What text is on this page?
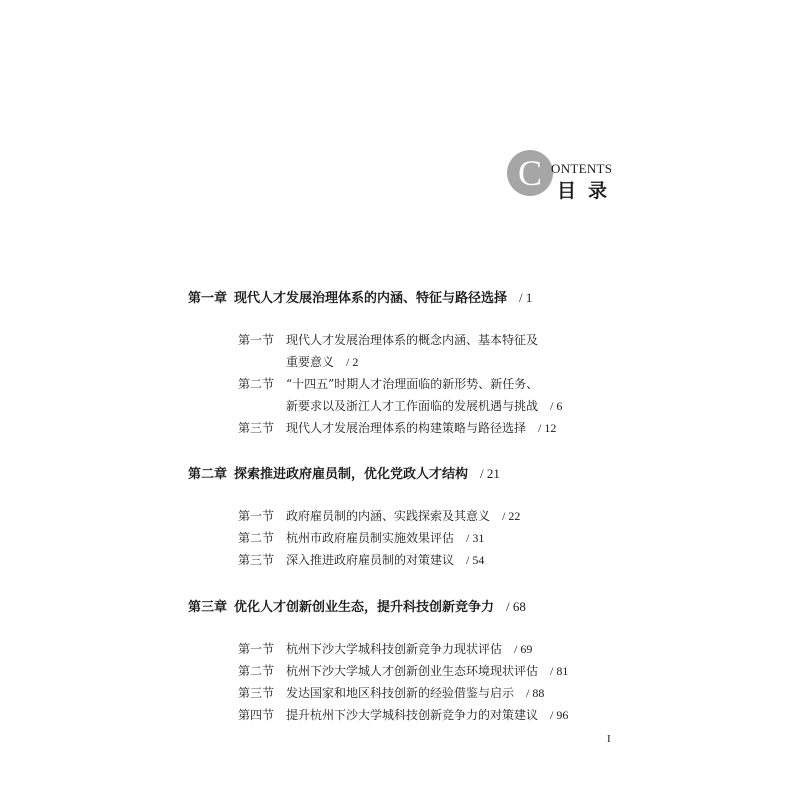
C ONTENTS
目录
第一章 现代人才发展治理体系的内涵、特征与路径选择 / 1
第一节 现代人才发展治理体系的概念内涵、基本特征及
重要意义 / 2
第二节 “十四五”时期人才治理面临的新形势、新任务、
新要求以及浙江人才工作面临的发展机遇与挑战 / 6
第三节 现代人才发展治理体系的构建策略与路径选择 / 12
第二章 探索推进政府雇员制，优化党政人才结构 / 21
第一节 政府雇员制的内涵、实践探索及其意义 / 22
第二节 杭州市政府雇员制实施效果评估 / 31
第三节 深入推进政府雇员制的对策建议 / 54
第三章 优化人才创新创业生态，提升科技创新竞争力 / 68
第一节 杭州下沙大学城科技创新竞争力现状评估 / 69
第二节 杭州下沙大学城人才创新创业生态环境现状评估 / 81
第三节 发达国家和地区科技创新的经验借鉴与启示 / 88
第四节 提升杭州下沙大学城科技创新竞争力的对策建议 / 96
I
